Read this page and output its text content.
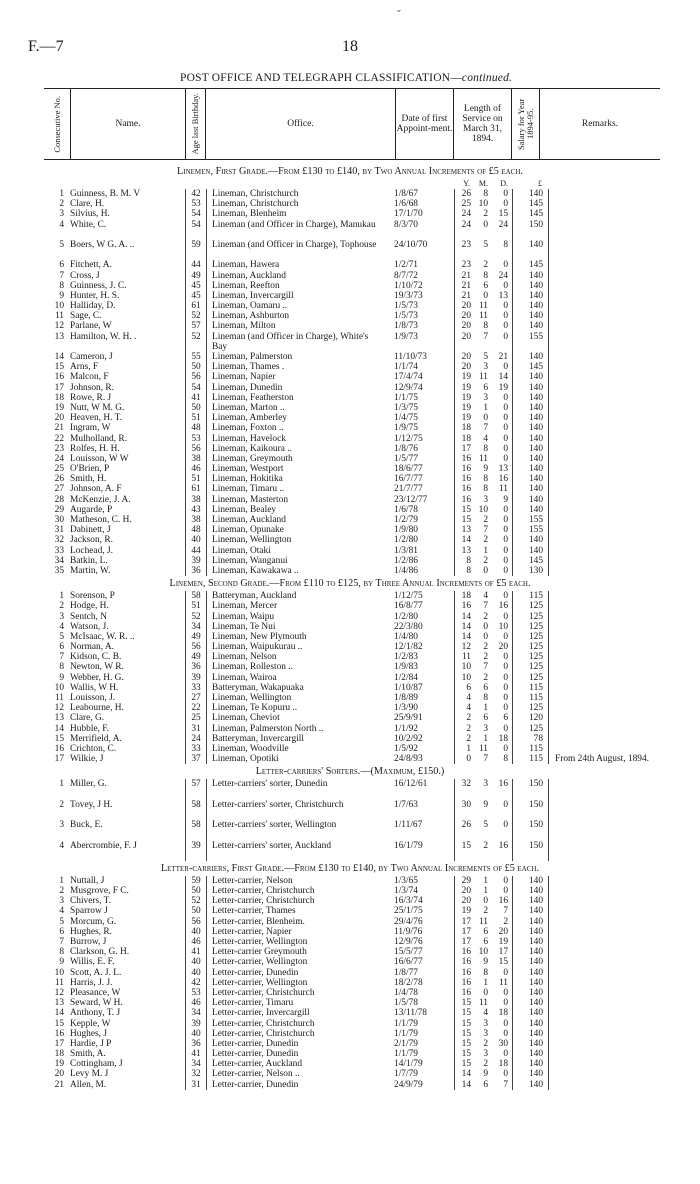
⌄
F.—7	18
POST OFFICE AND TELEGRAPH CLASSIFICATION—continued.
Consecutive No.	Name.	Age last Birthday.	Office.	Date of first Appoint-ment.
Length of Service on March 31, 1894.	Salary for Year 1894-95.	Remarks.
Linemen, First Grade.—From £130 to £140, by Two Annual Increments of £5 each.
Y.	M.	D.	£
1 Guinness, B. M. V	42	Lineman, Christchurch	1/8/67	26	8	0	140
2 Clare, H.	53	Lineman, Christchurch	1/6/68	25 10	0	145
3 Silvius, H.	54	Lineman, Blenheim	17/1/70	24	2	15	145
4 White, C.	54	Lineman (and Officer in Charge), Manukau	8/3/70	24	0	24	150
5 Boers, W G. A. ..	59	Lineman (and Officer in Charge), Tophouse	24/10/70	23	5	8	140
6 Fitchett, A.	44	Lineman, Hawera	1/2/71	23	2	0	145
7 Cross, J	49	Lineman, Auckland	8/7/72	21	8	24	140
8 Guinness, J. C.	45	Lineman, Reefton	1/10/72	21	6	0	140
9 Hunter, H. S.	45	Lineman, Invercargill	19/3/73	21	0	13	140
10 Halliday, D.	61	Lineman, Oamaru ..	1/5/73	20 11	0	140
11 Sage, C.	52	Lineman, Ashburton	1/5/73	20 11	0	140
12 Parlane, W	57	Lineman, Milton	1/8/73	20	8	0	140
13 Hamilton, W. H. .	52	Lineman (and Officer in Charge), White's Bay
1/9/73	20	7	0	155
14 Cameron, J	55	Lineman, Palmerston	11/10/73	20	5	21	140
15 Arns, F	50	Lineman, Thames .	1/1/74	20	3	0	145
16 Malcon, F	56	Lineman, Napier	17/4/74	19 11	14	140
17 Johnson, R.	54	Lineman, Dunedin	12/9/74	19	6	19	140
18 Rowe, R. J	41	Lineman, Featherston	1/1/75	19	3	0	140
19 Nutt, W M. G.	50	Lineman, Marton ..	1/3/75	19	1	0	140
20 Heaven, H. T.	51	Lineman, Amberley	1/4/75	19	0	0	140
21 Ingram, W	48	Lineman, Foxton ..	1/9/75	18	7	0	140
22 Mulholland, R.	53	Lineman, Havelock	1/12/75	18	4	0	140
23 Rolfes, H. H.	56	Lineman, Kaikoura ..	1/8/76	17	8	0	140
24 Louisson, W W	38	Lineman, Greymouth	1/5/77	16 11	0	140
25 O'Brien, P	46	Lineman, Westport	18/6/77	16	9	13	140
26 Smith, H.	51	Lineman, Hokitika	16/7/77	16	8	16	140
27 Johnson, A. F	61	Lineman, Timaru ..	21/7/77	16	8	11	140
28 McKenzie, J. A.	38	Lineman, Masterton	23/12/77	16	3	9	140
29 Augarde, P	43	Lineman, Bealey	1/6/78	15 10	0	140
30 Matheson, C. H.	38	Lineman, Auckland	1/2/79	15	2	0	155
31 Dabinett, J	48	Lineman, Opunake	1/9/80	13	7	0	155
32 Jackson, R.	40	Lineman, Wellington	1/2/80	14	2	0	140
33 Lochead, J.	44	Lineman, Otaki	1/3/81	13	1	0	140
34 Batkin, L.	39	Lineman, Wanganui	1/2/86	8	2	0	145
35 Martin, W.	36	Lineman, Kawakawa ..	1/4/86	8	0	0	130
Linemen, Second Grade.—From £110 to £125, by Three Annual Increments of £5 each.
1 Sorenson, P	58	Batteryman, Auckland	1/12/75	18	4	0	115
2 Hodge, H.	51	Lineman, Mercer	16/8/77	16	7	16	125
3 Sentch, N	52	Lineman, Waipu	1/2/80	14	2	0	125
4 Watson, J.	34	Lineman, Te Nui	22/3/80	14	0	10	125
5 McIsaac, W. R. ..	49	Lineman, New Plymouth	1/4/80	14	0	0	125
6 Norman, A.	56	Lineman, Waipukurau ..	12/1/82	12	2	20	125
7 Kidson, C. B.	49	Lineman, Nelson	1/2/83	11	2	0	125
8 Newton, W R.	36	Lineman, Rolleston ..	1/9/83	10	7	0	125
9 Webber, H. G.	39	Lineman, Wairoa	1/2/84	10	2	0	125
10 Wallis, W H.	33	Batteryman, Wakapuaka	1/10/87	6	6	0	115
11 Louisson, J.	27	Lineman, Wellington	1/8/89	4	8	0	115
12 Leabourne, H.	22	Lineman, Te Kopuru ..	1/3/90	4	1	0	125
13 Clare, G.	25	Lineman, Cheviot	25/9/91	2	6	6	120
14 Hubble, F.	31	Lineman, Palmerston North ..	1/1/92	2	3	0	125
15 Merrifield, A.	24	Batteryman, Invercargill	10/2/92	2	1	18	78
16 Crichton, C.	33	Lineman, Woodville	1/5/92	1 11	0	115
17 Wilkie, J	37	Lineman, Opotiki	24/8/93	0	7	8	115	From 24th August, 1894.
Letter-carriers' Sorters.—(Maximum, £150.)
1 Miller, G.	57	Letter-carriers' sorter, Dunedin	16/12/61	32	3	16	150
2 Tovey, J H.	58	Letter-carriers' sorter, Christchurch	1/7/63	30	9	0	150
3 Buck, E.	58	Letter-carriers' sorter, Wellington	1/11/67	26	5	0	150
4 Abercrombie, F. J	39	Letter-carriers' sorter, Auckland	16/1/79	15	2	16	150
Letter-carriers, First Grade.—From £130 to £140, by Two Annual Increments of £5 each.
1 Nuttall, J	59	Letter-carrier, Nelson	1/3/65	29	1	0	140
2 Musgrove, F C.	50	Letter-carrier, Christchurch	1/3/74	20	1	0	140
3 Chivers, T.	52	Letter-carrier, Christchurch	16/3/74	20	0	16	140
4 Sparrow J	50	Letter-carrier, Thames	25/1/75	19	2	7	140
5 Morcum, G.	56	Letter-carrier, Blenheim.	29/4/76	17 11	2	140
6 Hughes, R.	40	Letter-carrier, Napier	11/9/76	17	6	20	140
7 Burrow, J	46	Letter-carrier, Wellington	12/9/76	17	6	19	140
8 Clarkson, G. H.	41	Letter-carrier Greymouth	15/5/77	16 10	17	140
9 Willis, E. F.	40	Letter-carrier, Wellington	16/6/77	16	9	15	140
10 Scott, A. J. L.	40	Letter-carrier, Dunedin	1/8/77	16	8	0	140
11 Harris, J. J.	42	Letter-carrier, Wellington	18/2/78	16	1	11	140
12 Pleasance, W	53	Letter-carrier, Christchurch	1/4/78	16	0	0	140
13 Seward, W H.	46	Letter-carrier, Timaru	1/5/78	15 11	0	140
14 Anthony, T. J	34	Letter-carrier, Invercargill	13/11/78	15	4	18	140
15 Kepple, W	39	Letter-carrier, Christchurch	1/1/79	15	3	0	140
16 Hughes, J	40	Letter-carrier, Christchurch	1/1/79	15	3	0	140
17 Hardie, J P	36	Letter-carrier, Dunedin	2/1/79	15	2	30	140
18 Smith, A.	41	Letter-carrier, Dunedin	1/1/79	15	3	0	140
19 Cottingham, J	34	Letter-carrier, Auckland	14/1/79	15	2	18	140
20 Levy M. J	32	Letter-carrier, Nelson ..	1/7/79	14	9	0	140
21 Allen, M.	31	Letter-carrier, Dunedin	24/9/79	14	6	7	140
